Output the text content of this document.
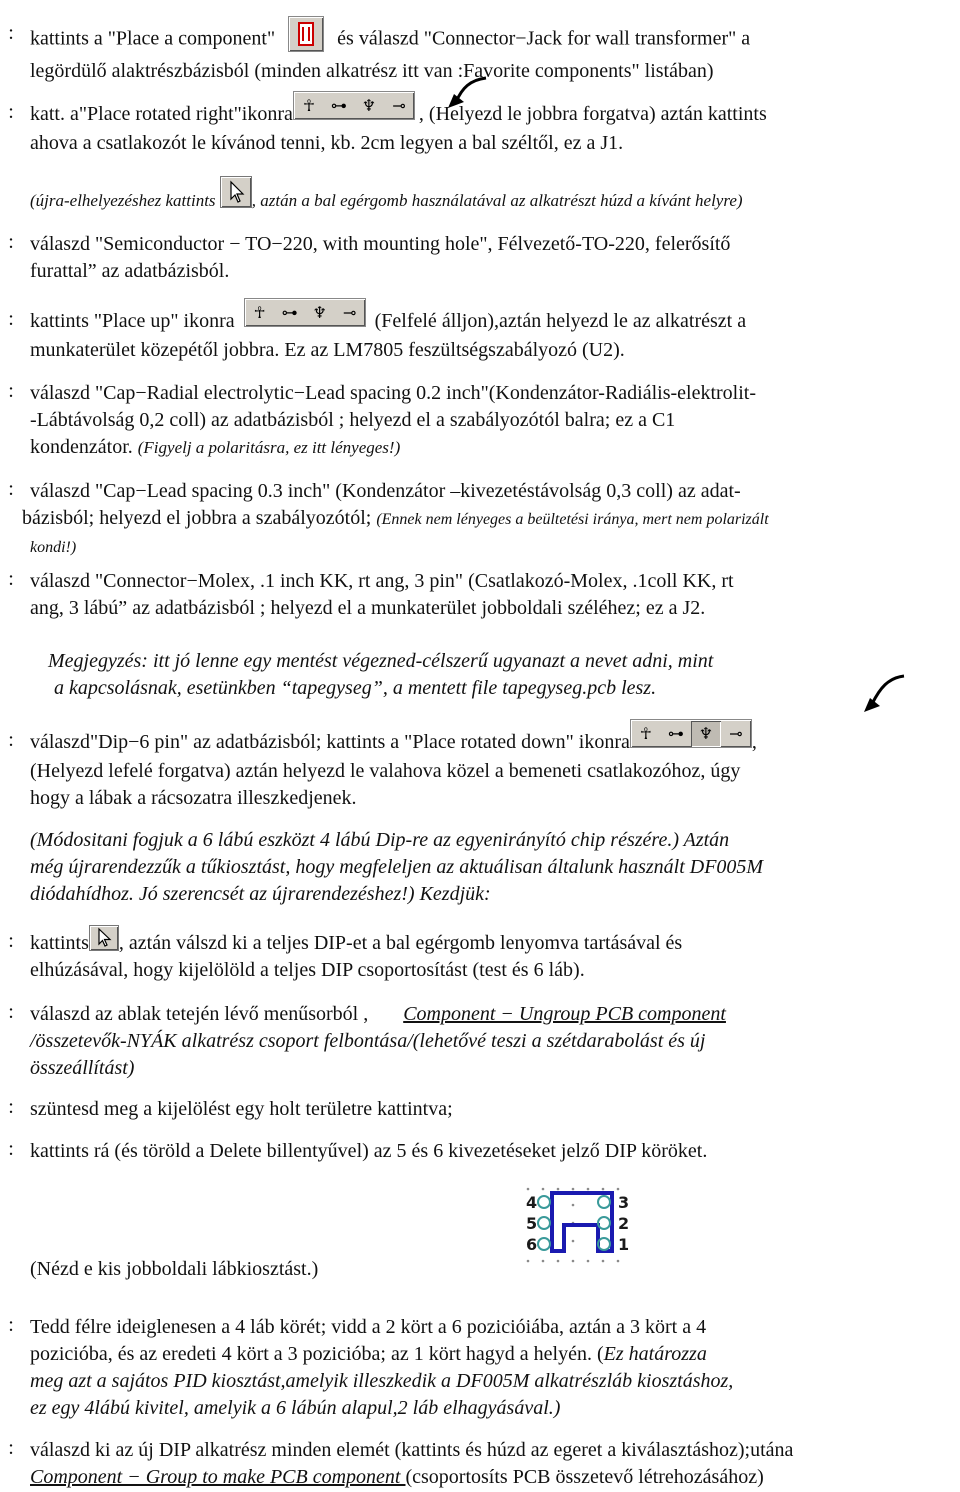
: kattints a "Place a component"	és válaszd "Connector−Jack for wall transformer" a
legördülő alaktrészbázisból (minden alkatrész itt van :Favorite components" listában)
: katt. a"Place rotated right"ikonra ☥ ⊶ ♆ ⊸ , (Helyezd le jobbra forgatva) aztán kattints
ahova a csatlakozót le kívánod tenni, kb. 2cm legyen a bal széltől, ez a J1.
(újra-elhelyezéshez kattints , aztán a bal egérgomb használatával az alkatrészt húzd a kívánt helyre)
: válaszd "Semiconductor − TO−220, with mounting hole", Félvezető-TO-220, felerősítő
furattal” az adatbázisból.
: kattints "Place up" ikonra ☥ ⊶ ♆ ⊸ (Felfelé álljon),aztán helyezd le az alkatrészt a
munkaterület közepétől jobbra. Ez az LM7805 feszültségszabályozó (U2).
: válaszd "Cap−Radial electrolytic−Lead spacing 0.2 inch"(Kondenzátor-Radiális-elektrolit-
-Lábtávolság 0,2 coll) az adatbázisból ; helyezd el a szabályozótól balra; ez a C1
kondenzátor. (Figyelj a polaritásra, ez itt lényeges!)
: válaszd "Cap−Lead spacing 0.3 inch" (Kondenzátor –kivezetéstávolság 0,3 coll) az adat-
bázisból; helyezd el jobbra a szabályozótól; (Ennek nem lényeges a beültetési iránya, mert nem polarizált
kondi!)
: válaszd "Connector−Molex, .1 inch KK, rt ang, 3 pin" (Csatlakozó-Molex, .1coll KK, rt
ang, 3 lábú” az adatbázisból ; helyezd el a munkaterület jobboldali széléhez; ez a J2.
Megjegyzés: itt jó lenne egy mentést végezned-célszerű ugyanazt a nevet adni, mint
a kapcsolásnak, esetünkben “tapegyseg”, a mentett file tapegyseg.pcb lesz.
: válaszd"Dip−6 pin" az adatbázisból; kattints a "Place rotated down" ikonra ☥ ⊶ ♆ ⊸ ,
(Helyezd lefelé forgatva) aztán helyezd le valahova közel a bemeneti csatlakozóhoz, úgy
hogy a lábak a rácsozatra illeszkedjenek.
(Módositani fogjuk a 6 lábú eszközt 4 lábú Dip-re az egyenirányító chip részére.) Aztán
még újrarendezzűk a tűkiosztást, hogy megfeleljen az aktuálisan általunk használt DF005M
diódahídhoz. Jó szerencsét az újrarendezéshez!) Kezdjük:
: kattints , aztán válszd ki a teljes DIP-et a bal egérgomb lenyomva tartásával és
elhúzásával, hogy kijelölöld a teljes DIP csoportosítást (test és 6 láb).
: válaszd az ablak tetején lévő menűsorból , Component − Ungroup PCB component
/összetevők-NYÁK alkatrész csoport felbontása/(lehetővé teszi a szétdarabolást és új
összeállítást)
: szüntesd meg a kijelölést egy holt területre kattintva;
: kattints rá (és töröld a Delete billentyűvel) az 5 és 6 kivezetéseket jelző DIP köröket.
4
5
6
3
2
1
(Nézd e kis jobboldali lábkiosztást.)
: Tedd félre ideiglenesen a 4 láb körét; vidd a 2 kört a 6 pozicióiába, aztán a 3 kört a 4
pozicióba, és az eredeti 4 kört a 3 pozicióba; az 1 kört hagyd a helyén. (Ez határozza
meg azt a sajátos PID kiosztást,amelyik illeszkedik a DF005M alkatrészláb kiosztáshoz,
ez egy 4lábú kivitel, amelyik a 6 lábún alapul,2 láb elhagyásával.)
: válaszd ki az új DIP alkatrész minden elemét (kattints és húzd az egeret a kiválasztáshoz);utána
Component − Group to make PCB component (csoportosíts PCB összetevő létrehozásához)
